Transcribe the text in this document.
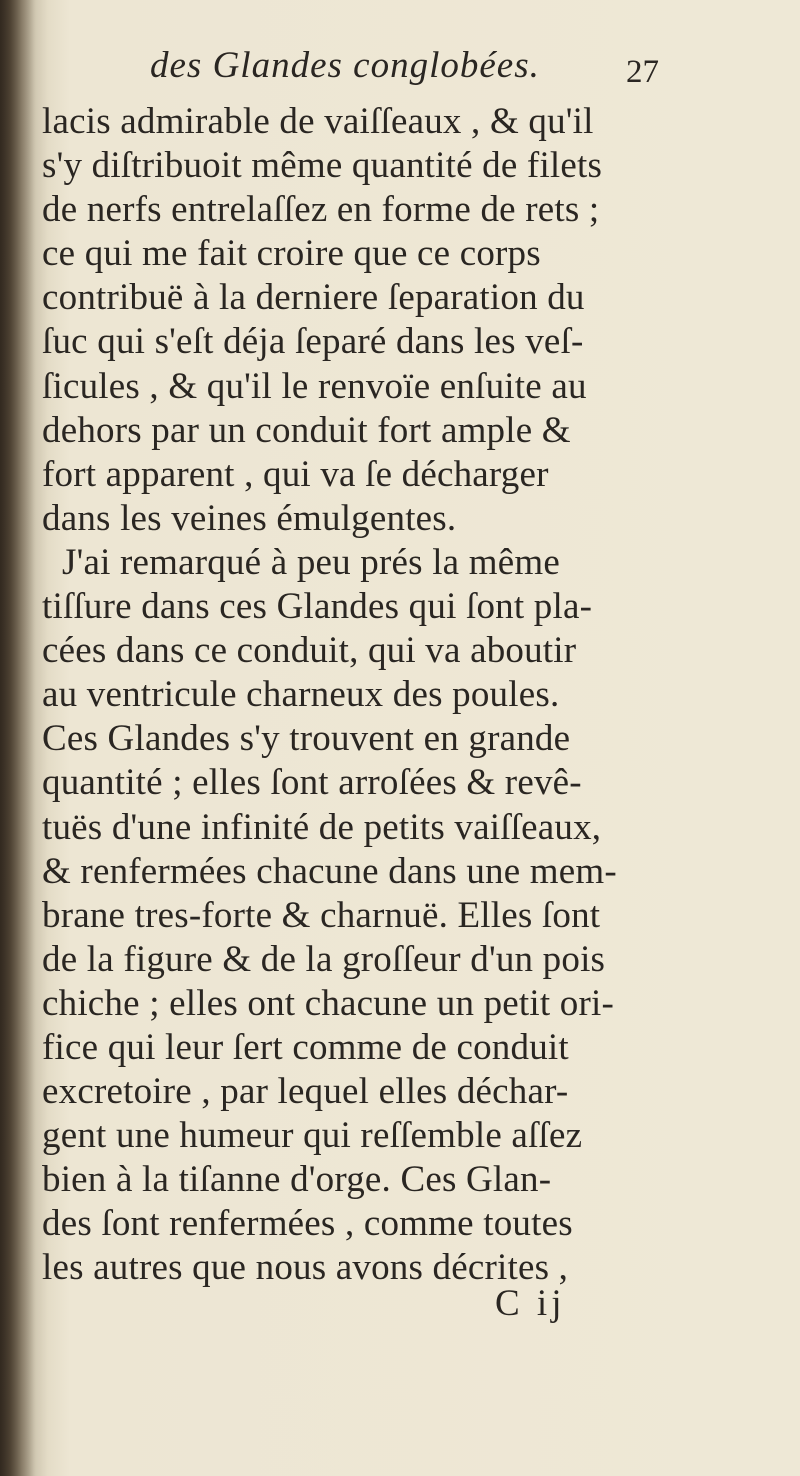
des Glandes conglobées.	27
lacis admirable de vaiſſeaux , & qu'il
s'y diſtribuoit même quantité de filets
de nerfs entrelaſſez en forme de rets ;
ce qui me fait croire que ce corps
contribuë à la derniere ſeparation du
ſuc qui s'eſt déja ſeparé dans les veſ-
ſicules , & qu'il le renvoïe enſuite au
dehors par un conduit fort ample &
fort apparent , qui va ſe décharger
dans les veines émulgentes.
J'ai remarqué à peu prés la même
tiſſure dans ces Glandes qui ſont pla-
cées dans ce conduit, qui va aboutir
au ventricule charneux des poules.
Ces Glandes s'y trouvent en grande
quantité ; elles ſont arroſées & revê-
tuës d'une infinité de petits vaiſſeaux,
& renfermées chacune dans une mem-
brane tres-forte & charnuë. Elles ſont
de la figure & de la groſſeur d'un pois
chiche ; elles ont chacune un petit ori-
fice qui leur ſert comme de conduit
excretoire , par lequel elles déchar-
gent une humeur qui reſſemble aſſez
bien à la tiſanne d'orge. Ces Glan-
des ſont renfermées , comme toutes
les autres que nous avons décrites ,
C ij
